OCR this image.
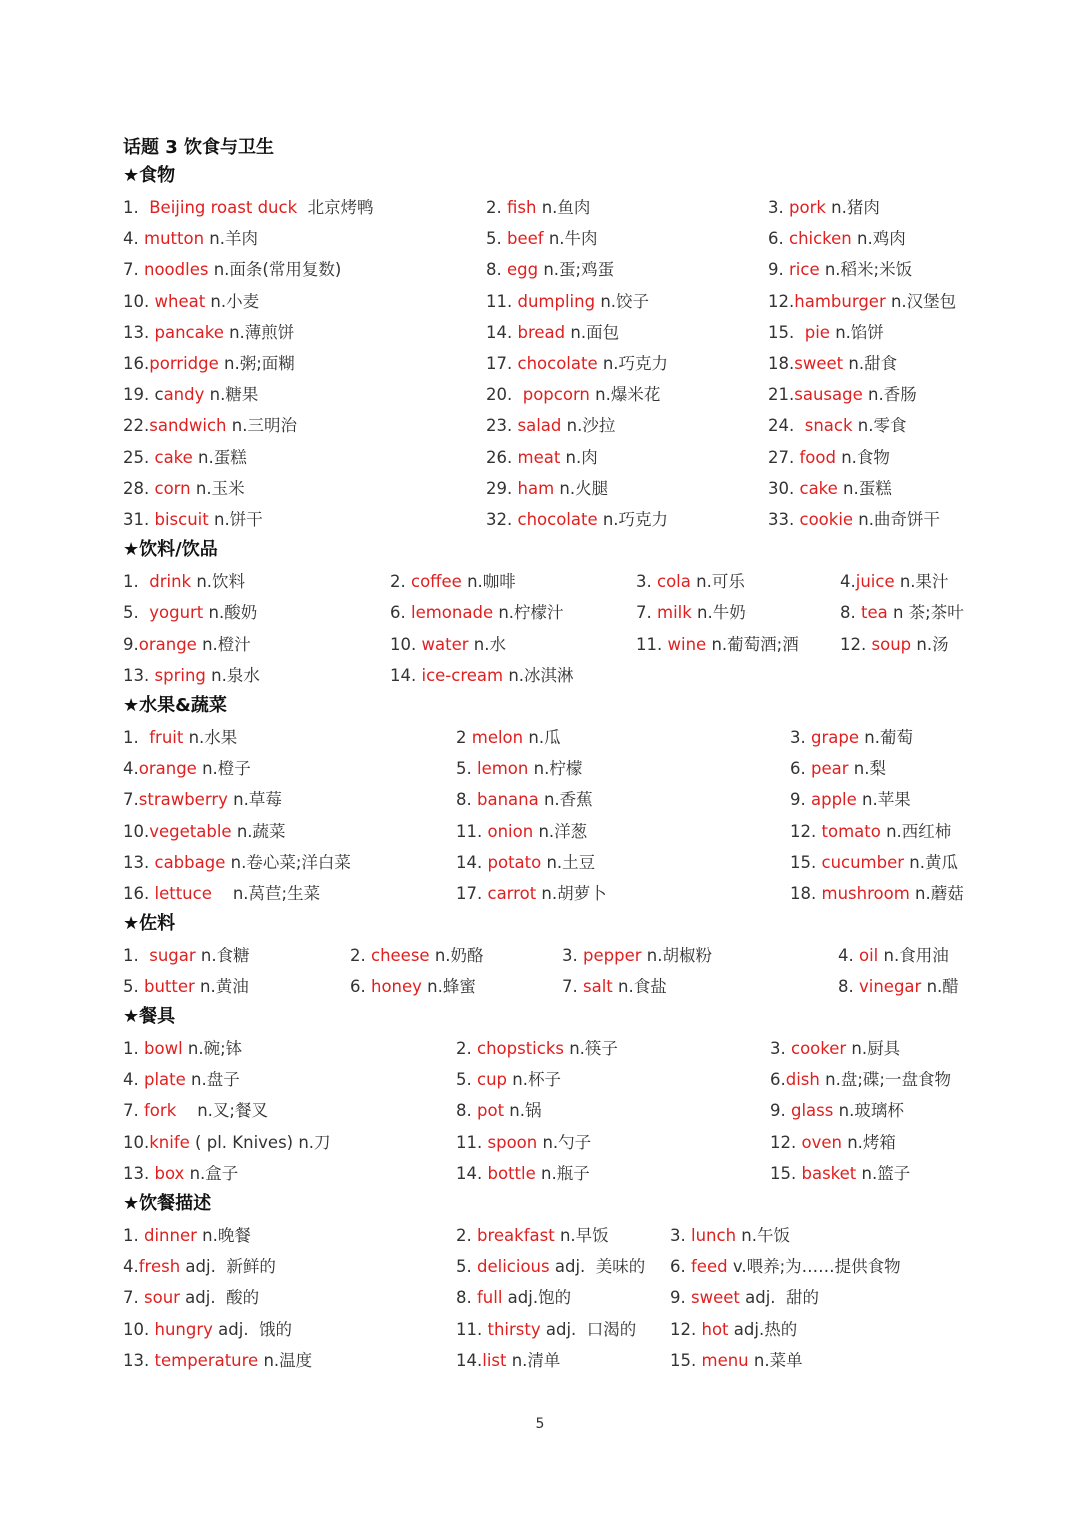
话题 3 饮食与卫生
★食物
1.  Beijing roast duck  北京烤鸭	2. fish n.鱼肉	3. pork n.猪肉
4. mutton n.羊肉	5. beef n.牛肉	6. chicken n.鸡肉
7. noodles n.面条(常用复数)	8. egg n.蛋;鸡蛋	9. rice n.稻米;米饭
10. wheat n.小麦	11. dumpling n.饺子	12.hamburger n.汉堡包
13. pancake n.薄煎饼	14. bread n.面包	15.  pie n.馅饼
16.porridge n.粥;面糊	17. chocolate n.巧克力	18.sweet n.甜食
19. candy n.糖果	20.  popcorn n.爆米花	21.sausage n.香肠
22.sandwich n.三明治	23. salad n.沙拉	24.  snack n.零食
25. cake n.蛋糕	26. meat n.肉	27. food n.食物
28. corn n.玉米	29. ham n.火腿	30. cake n.蛋糕
31. biscuit n.饼干	32. chocolate n.巧克力	33. cookie n.曲奇饼干
★饮料/饮品
1.  drink n.饮料	2. coffee n.咖啡	3. cola n.可乐	4.juice n.果汁
5.  yogurt n.酸奶	6. lemonade n.柠檬汁	7. milk n.牛奶	8. tea n 茶;茶叶
9.orange n.橙汁	10. water n.水	11. wine n.葡萄酒;酒	12. soup n.汤
13. spring n.泉水	14. ice-cream n.冰淇淋
★水果&蔬菜
1.  fruit n.水果	2 melon n.瓜	3. grape n.葡萄
4.orange n.橙子	5. lemon n.柠檬	6. pear n.梨
7.strawberry n.草莓	8. banana n.香蕉	9. apple n.苹果
10.vegetable n.蔬菜	11. onion n.洋葱	12. tomato n.西红柿
13. cabbage n.卷心菜;洋白菜	14. potato n.土豆	15. cucumber n.黄瓜
16. lettuce    n.莴苣;生菜	17. carrot n.胡萝卜	18. mushroom n.蘑菇
★佐料
1.  sugar n.食糖	2. cheese n.奶酪	3. pepper n.胡椒粉	4. oil n.食用油
5. butter n.黄油	6. honey n.蜂蜜	7. salt n.食盐	8. vinegar n.醋
★餐具
1. bowl n.碗;钵	2. chopsticks n.筷子	3. cooker n.厨具
4. plate n.盘子	5. cup n.杯子	6.dish n.盘;碟;一盘食物
7. fork    n.叉;餐叉	8. pot n.锅	9. glass n.玻璃杯
10.knife ( pl. Knives) n.刀	11. spoon n.勺子	12. oven n.烤箱
13. box n.盒子	14. bottle n.瓶子	15. basket n.篮子
★饮餐描述
1. dinner n.晚餐	2. breakfast n.早饭	3. lunch n.午饭
4.fresh adj.  新鲜的	5. delicious adj.  美味的 6. feed v.喂养;为……提供食物
7. sour adj.  酸的	8. full adj.饱的	9. sweet adj.  甜的
10. hungry adj.  饿的	11. thirsty adj.  口渴的 12. hot adj.热的
13. temperature n.温度	14.list n.清单	15. menu n.菜单
5
